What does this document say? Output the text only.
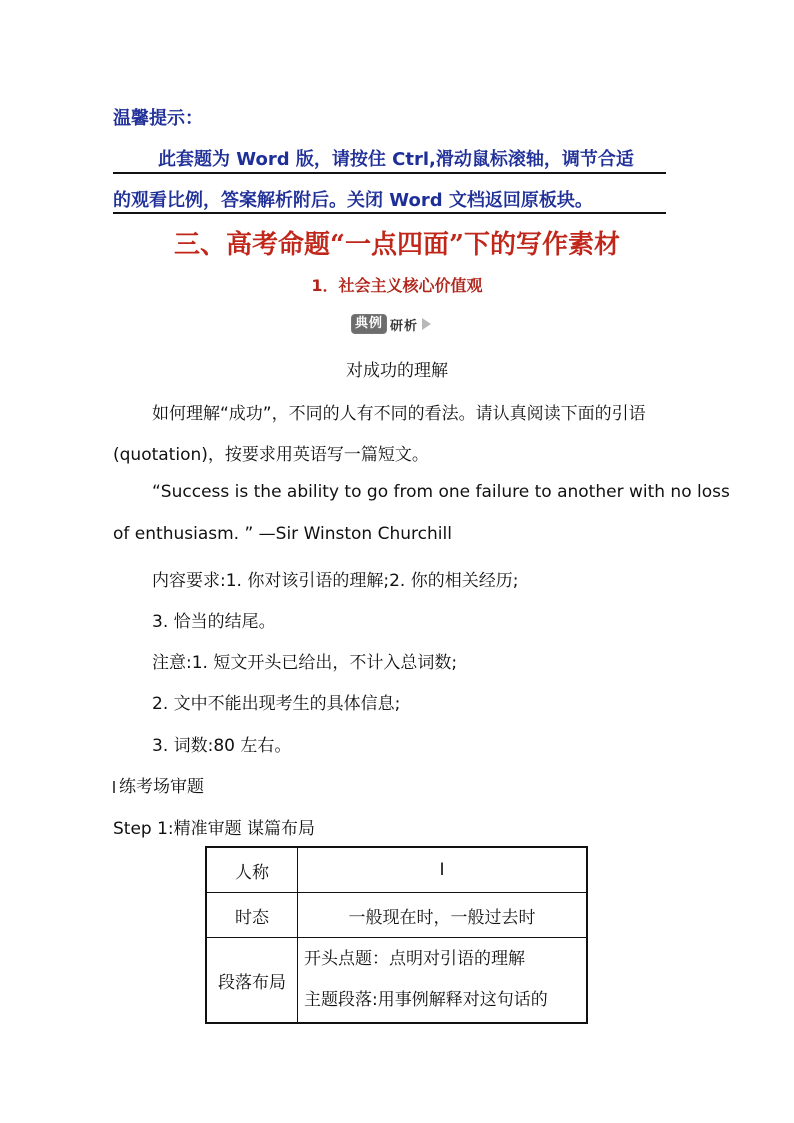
温馨提示：
此套题为 Word 版，请按住 Ctrl,滑动鼠标滚轴，调节合适
的观看比例，答案解析附后。关闭 Word 文档返回原板块。
三、高考命题“一点四面”下的写作素材
1．社会主义核心价值观
典例 研析
对成功的理解
如何理解“成功”，不同的人有不同的看法。请认真阅读下面的引语
(quotation)，按要求用英语写一篇短文。
“Success is the ability to go from one failure to another with no loss
of enthusiasm. ” —Sir Winston Churchill
内容要求:1. 你对该引语的理解;2. 你的相关经历;
3. 恰当的结尾。
注意:1. 短文开头已给出，不计入总词数;
2. 文中不能出现考生的具体信息;
3. 词数:80 左右。
练考场审题
Step 1:精准审题 谋篇布局
人称	I
时态	一般现在时，一般过去时
段落布局	开头点题：点明对引语的理解
主题段落:用事例解释对这句话的
